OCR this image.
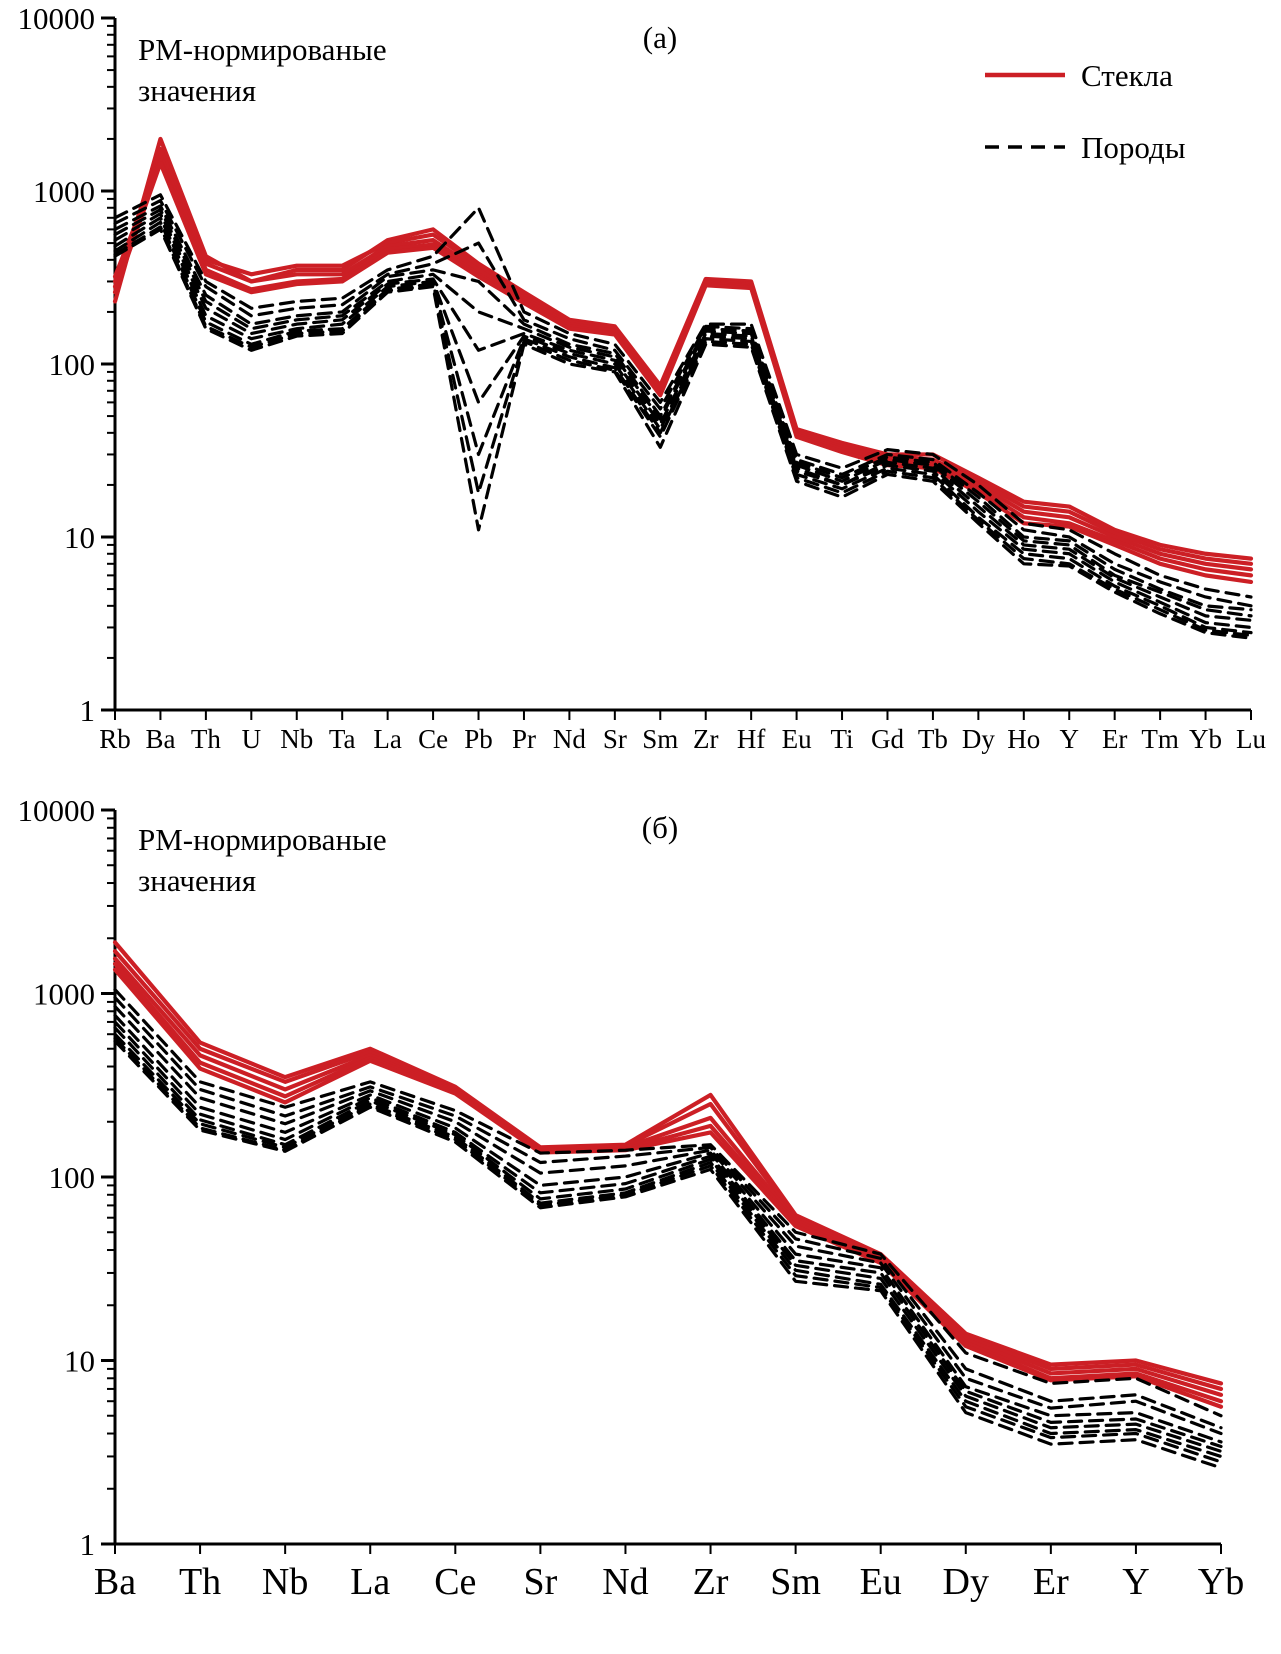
1
10
100
1000
10000
Rb Ba Th U Nb Ta La Ce Pb Pr Nd Sr Sm Zr Hf Eu Ti Gd Tb Dy Ho Y Er Tm Yb Lu
PM-нормированые
значения
(а)
Стекла
Породы
1
10
100
1000
10000
Ba Th Nb La Ce Sr Nd Zr Sm Eu Dy Er Y Yb
PM-нормированые
значения
(б)
